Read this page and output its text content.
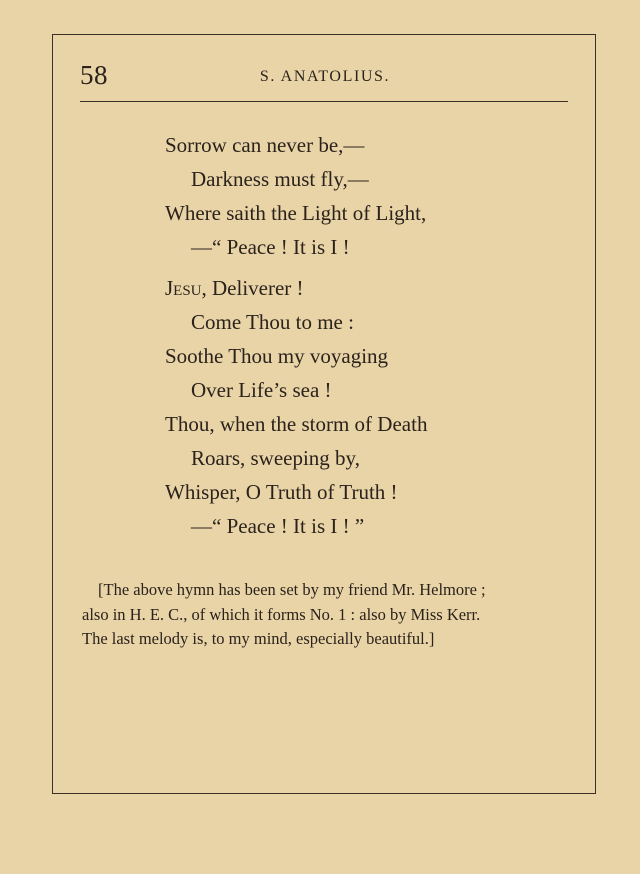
58	S. ANATOLIUS.
Sorrow can never be,—
Darkness must fly,—
Where saith the Light of Light,
—“ Peace ! It is I !
Jesu, Deliverer !
Come Thou to me :
Soothe Thou my voyaging
Over Life’s sea !
Thou, when the storm of Death
Roars, sweeping by,
Whisper, O Truth of Truth !
—“ Peace ! It is I ! ”
[The above hymn has been set by my friend Mr. Helmore ;
also in H. E. C., of which it forms No. 1 : also by Miss Kerr.
The last melody is, to my mind, especially beautiful.]
